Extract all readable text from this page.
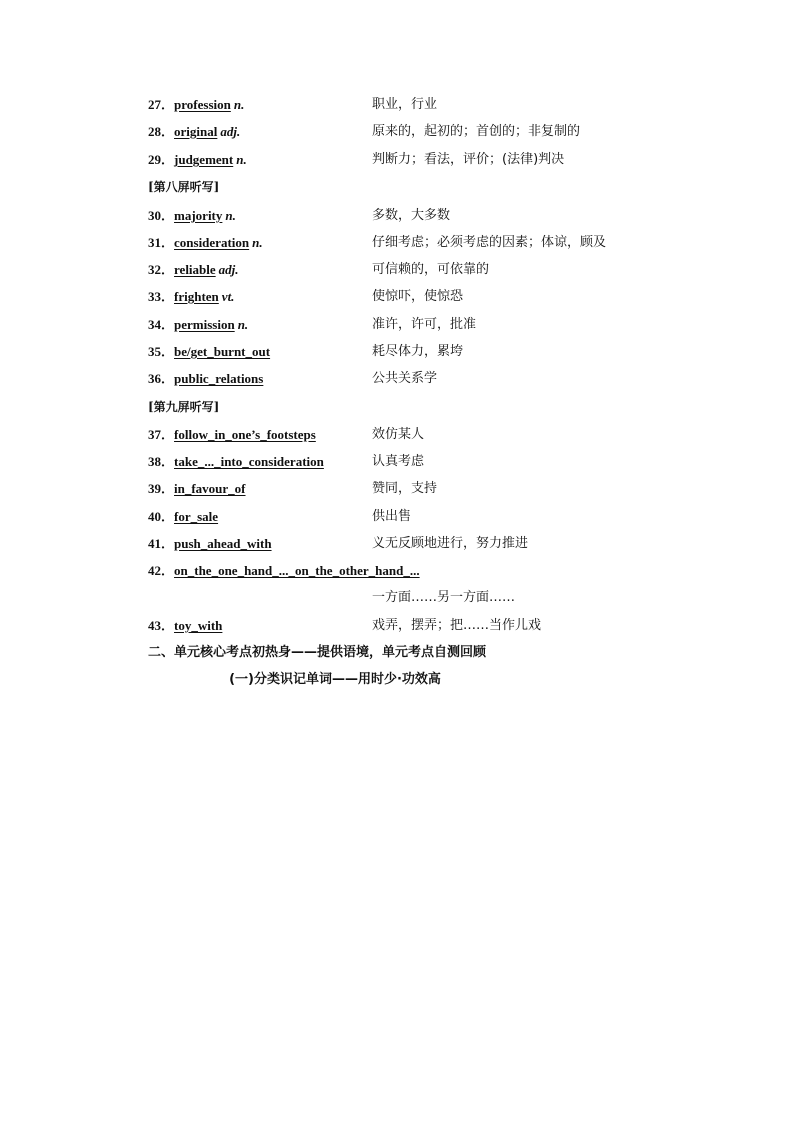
27．profession n.	职业，行业
28．original adj.	原来的，起初的；首创的；非复制的
29．judgement n.	判断力；看法，评价；(法律)判决
[第八屏听写]
30．majority n.	多数，大多数
31．consideration n.	仔细考虑；必须考虑的因素；体谅，顾及
32．reliable adj.	可信赖的，可依靠的
33．frighten vt.	使惊吓，使惊恐
34．permission n.	准许，许可，批准
35．be/get_burnt_out	耗尽体力，累垮
36．public_relations	公共关系学
[第九屏听写]
37．follow_in_one’s_footsteps	效仿某人
38．take_..._into_consideration	认真考虑
39．in_favour_of	赞同，支持
40．for_sale	供出售
41．push_ahead_with	义无反顾地进行，努力推进
42．on_the_one_hand_..._on_the_other_hand_...
一方面……另一方面……
43．toy_with	戏弄，摆弄；把……当作儿戏
二、单元核心考点初热身——提供语境，单元考点自测回顾
(一)分类识记单词——用时少·功效高
